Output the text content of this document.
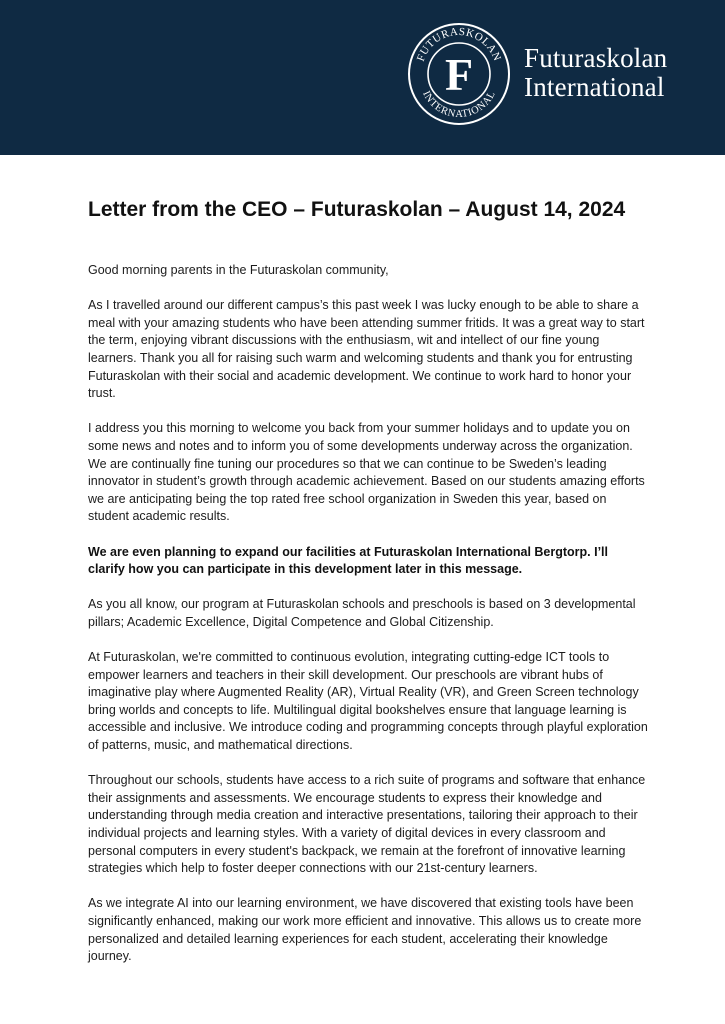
FUTURASKOLAN
INTERNATIONAL
F Futuraskolan
International
Letter from the CEO – Futuraskolan – August 14, 2024

Good morning parents in the Futuraskolan community,

As I travelled around our different campus’s this past week I was lucky enough to be able to share a meal with your amazing students who have been attending summer fritids. It was a great way to start the term, enjoying vibrant discussions with the enthusiasm, wit and intellect of our fine young learners. Thank you all for raising such warm and welcoming students and thank you for entrusting Futuraskolan with their social and academic development. We continue to work hard to honor your trust.

I address you this morning to welcome you back from your summer holidays and to update you on some news and notes and to inform you of some developments underway across the organization. We are continually fine tuning our procedures so that we can continue to be Sweden’s leading innovator in student’s growth through academic achievement. Based on our students amazing efforts we are anticipating being the top rated free school organization in Sweden this year, based on student academic results.

We are even planning to expand our facilities at Futuraskolan International Bergtorp. I’ll clarify how you can participate in this development later in this message.

As you all know, our program at Futuraskolan schools and preschools is based on 3 developmental pillars; Academic Excellence, Digital Competence and Global Citizenship.

At Futuraskolan, we're committed to continuous evolution, integrating cutting-edge ICT tools to empower learners and teachers in their skill development. Our preschools are vibrant hubs of imaginative play where Augmented Reality (AR), Virtual Reality (VR), and Green Screen technology bring worlds and concepts to life. Multilingual digital bookshelves ensure that language learning is accessible and inclusive. We introduce coding and programming concepts through playful exploration of patterns, music, and mathematical directions.

Throughout our schools, students have access to a rich suite of programs and software that enhance their assignments and assessments. We encourage students to express their knowledge and understanding through media creation and interactive presentations, tailoring their approach to their individual projects and learning styles. With a variety of digital devices in every classroom and personal computers in every student's backpack, we remain at the forefront of innovative learning strategies which help to foster deeper connections with our 21st-century learners.

As we integrate AI into our learning environment, we have discovered that existing tools have been significantly enhanced, making our work more efficient and innovative. This allows us to create more personalized and detailed learning experiences for each student, accelerating their knowledge journey.
